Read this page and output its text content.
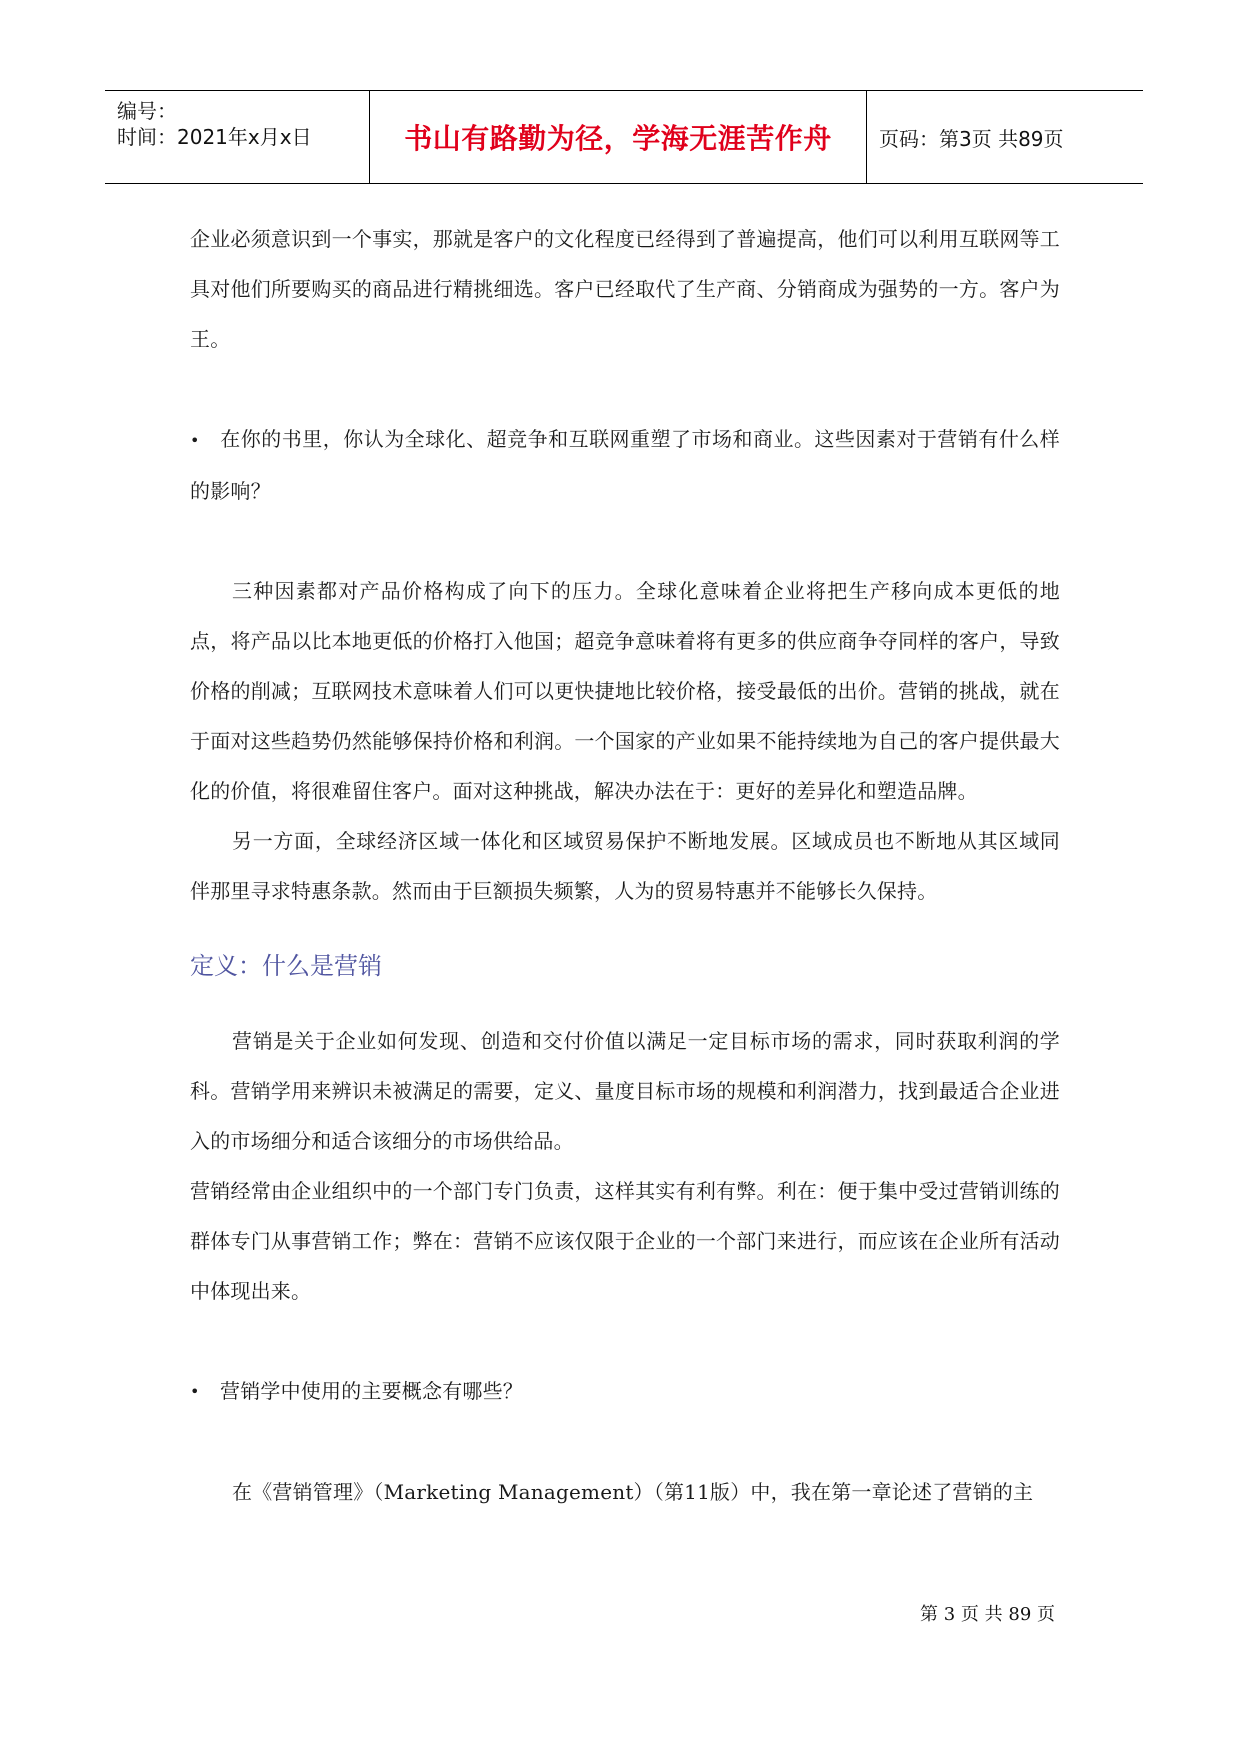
编号：
时间：2021年x月x日	书山有路勤为径，学海无涯苦作舟 页码：第3页 共89页

企业必须意识到一个事实，那就是客户的文化程度已经得到了普遍提高，他们可以利用互联网等工具对他们所要购买的商品进行精挑细选。客户已经取代了生产商、分销商成为强势的一方。客户为王。

• 在你的书里，你认为全球化、超竞争和互联网重塑了市场和商业。这些因素对于营销有什么样的影响？

三种因素都对产品价格构成了向下的压力。全球化意味着企业将把生产移向成本更低的地点，将产品以比本地更低的价格打入他国；超竞争意味着将有更多的供应商争夺同样的客户，导致价格的削减；互联网技术意味着人们可以更快捷地比较价格，接受最低的出价。营销的挑战，就在于面对这些趋势仍然能够保持价格和利润。一个国家的产业如果不能持续地为自己的客户提供最大化的价值，将很难留住客户。面对这种挑战，解决办法在于：更好的差异化和塑造品牌。

另一方面，全球经济区域一体化和区域贸易保护不断地发展。区域成员也不断地从其区域同伴那里寻求特惠条款。然而由于巨额损失频繁，人为的贸易特惠并不能够长久保持。

定义：什么是营销

营销是关于企业如何发现、创造和交付价值以满足一定目标市场的需求，同时获取利润的学科。营销学用来辨识未被满足的需要，定义、量度目标市场的规模和利润潜力，找到最适合企业进入的市场细分和适合该细分的市场供给品。

营销经常由企业组织中的一个部门专门负责，这样其实有利有弊。利在：便于集中受过营销训练的群体专门从事营销工作；弊在：营销不应该仅限于企业的一个部门来进行，而应该在企业所有活动中体现出来。

• 营销学中使用的主要概念有哪些？

在《营销管理》（Marketing Management）（第11版）中，我在第一章论述了营销的主

第 3 页 共 89 页
